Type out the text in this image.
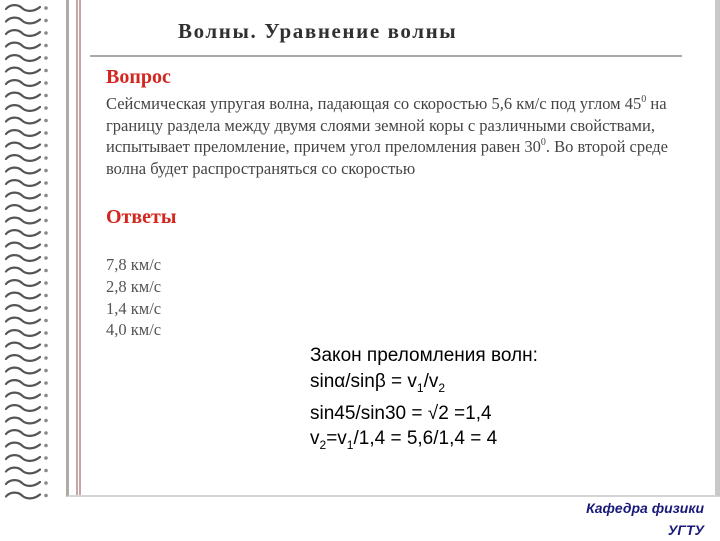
Волны. Уравнение волны
Вопрос
Сейсмическая упругая волна, падающая со скоростью 5,6 км/с под углом $45^0$ на границу раздела между двумя слоями земной коры с различными свойствами, испытывает преломление, причем угол преломления равен $30^0$. Во второй среде волна будет распространяться со скоростью
Ответы
7,8 км/с
2,8 км/с
1,4 км/с
4,0 км/с
Закон преломления волн:
$\sin\alpha/\sin\beta = v_1/v_2$
sin45/sin30 = √2 =1,4
$v_2=v_1/1,4 = 5,6/1,4 = 4$
Кафедра физики
УГТУ
